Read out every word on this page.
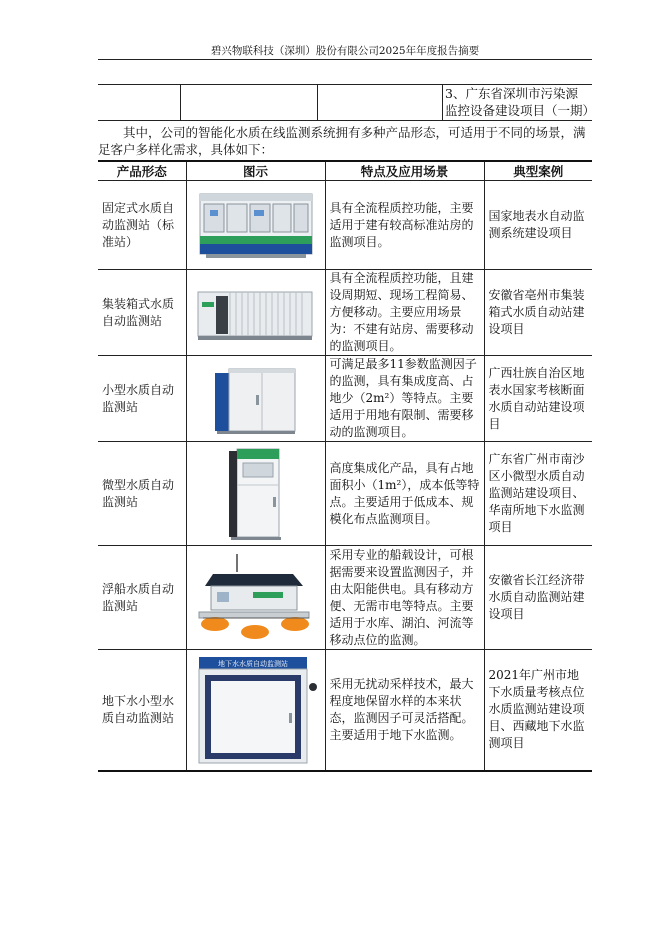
碧兴物联科技（深圳）股份有限公司2025年年度报告摘要
			3、广东省深圳市污染源监控设备建设项目（一期）
其中，公司的智能化水质在线监测系统拥有多种产品形态，可适用于不同的场景，满足客户多样化需求，具体如下：
产品形态	图示	特点及应用场景	典型案例
固定式水质自动监测站（标准站）		具有全流程质控功能，主要适用于建有较高标准站房的监测项目。	国家地表水自动监测系统建设项目
集装箱式水质自动监测站		具有全流程质控功能，且建设周期短、现场工程简易、方便移动。主要应用场景为：不建有站房、需要移动的监测项目。	安徽省亳州市集装箱式水质自动站建设项目
小型水质自动监测站		可满足最多11参数监测因子的监测，具有集成度高、占地少（2m²）等特点。主要适用于用地有限制、需要移动的监测项目。	广西壮族自治区地表水国家考核断面水质自动站建设项目
微型水质自动监测站		高度集成化产品，具有占地面积小（1m²），成本低等特点。主要适用于低成本、规模化布点监测项目。	广东省广州市南沙区小微型水质自动监测站建设项目、华南所地下水监测项目
浮船水质自动监测站		采用专业的船载设计，可根据需要来设置监测因子，并由太阳能供电。具有移动方便、无需市电等特点。主要适用于水库、湖泊、河流等移动点位的监测。	安徽省长江经济带水质自动监测站建设项目
地下水小型水质自动监测站	地下水水质自动监测站	采用无扰动采样技术，最大程度地保留水样的本来状态，监测因子可灵活搭配。主要适用于地下水监测。	2021年广州市地下水质量考核点位水质监测站建设项目、西藏地下水监测项目
